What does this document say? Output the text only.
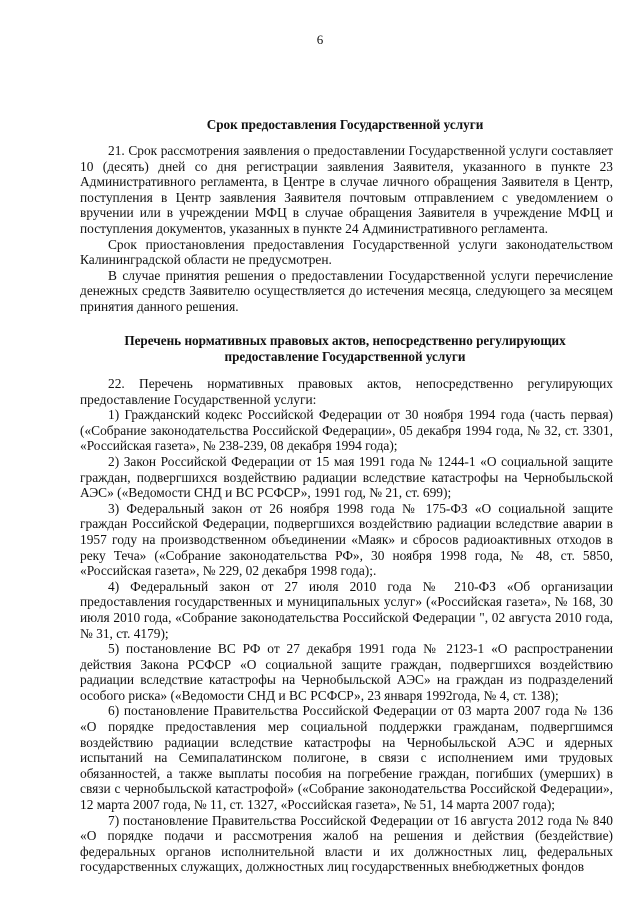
6
Срок предоставления Государственной услуги

21. Срок рассмотрения заявления о предоставлении Государственной услуги составляет 10 (десять) дней со дня регистрации заявления Заявителя, указанного в пункте 23 Административного регламента, в Центре в случае личного обращения Заявителя в Центр, поступления в Центр заявления Заявителя почтовым отправлением с уведомлением о вручении или в учреждении МФЦ в случае обращения Заявителя в учреждение МФЦ и поступления документов, указанных в пункте 24 Административного регламента.

Срок приостановления предоставления Государственной услуги законодательством Калининградской области не предусмотрен.

В случае принятия решения о предоставлении Государственной услуги перечисление денежных средств Заявителю осуществляется до истечения месяца, следующего за месяцем принятия данного решения.

Перечень нормативных правовых актов, непосредственно регулирующих предоставление Государственной услуги

22. Перечень нормативных правовых актов, непосредственно регулирующих предоставление Государственной услуги:

1) Гражданский кодекс Российской Федерации от 30 ноября 1994 года (часть первая) («Собрание законодательства Российской Федерации», 05 декабря 1994 года, № 32, ст. 3301, «Российская газета», № 238-239, 08 декабря 1994 года);

2) Закон Российской Федерации от 15 мая 1991 года № 1244-1 «О социальной защите граждан, подвергшихся воздействию радиации вследствие катастрофы на Чернобыльской АЭС» («Ведомости СНД и ВС РСФСР», 1991 год, № 21, ст. 699);

3) Федеральный закон от 26 ноября 1998 года № 175-ФЗ «О социальной защите граждан Российской Федерации, подвергшихся воздействию радиации вследствие аварии в 1957 году на производственном объединении «Маяк» и сбросов радиоактивных отходов в реку Теча» («Собрание законодательства РФ», 30 ноября 1998 года, № 48, ст. 5850, «Российская газета», № 229, 02 декабря 1998 года);.

4) Федеральный закон от 27 июля 2010 года № 210-ФЗ «Об организации предоставления государственных и муниципальных услуг» («Российская газета», № 168, 30 июля 2010 года, «Собрание законодательства Российской Федерации ", 02 августа 2010 года, № 31, ст. 4179);

5) постановление ВС РФ от 27 декабря 1991 года № 2123-1 «О распространении действия Закона РСФСР «О социальной защите граждан, подвергшихся воздействию радиации вследствие катастрофы на Чернобыльской АЭС» на граждан из подразделений особого риска» («Ведомости СНД и ВС РСФСР», 23 января 1992года, № 4, ст. 138);

6) постановление Правительства Российской Федерации от 03 марта 2007 года № 136 «О порядке предоставления мер социальной поддержки гражданам, подвергшимся воздействию радиации вследствие катастрофы на Чернобыльской АЭС и ядерных испытаний на Семипалатинском полигоне, в связи с исполнением ими трудовых обязанностей, а также выплаты пособия на погребение граждан, погибших (умерших) в связи с чернобыльской катастрофой» («Собрание законодательства Российской Федерации», 12 марта 2007 года, № 11, ст. 1327, «Российская газета», № 51, 14 марта 2007 года);

7) постановление Правительства Российской Федерации от 16 августа 2012 года № 840 «О порядке подачи и рассмотрения жалоб на решения и действия (бездействие) федеральных органов исполнительной власти и их должностных лиц, федеральных государственных служащих, должностных лиц государственных внебюджетных фондов
